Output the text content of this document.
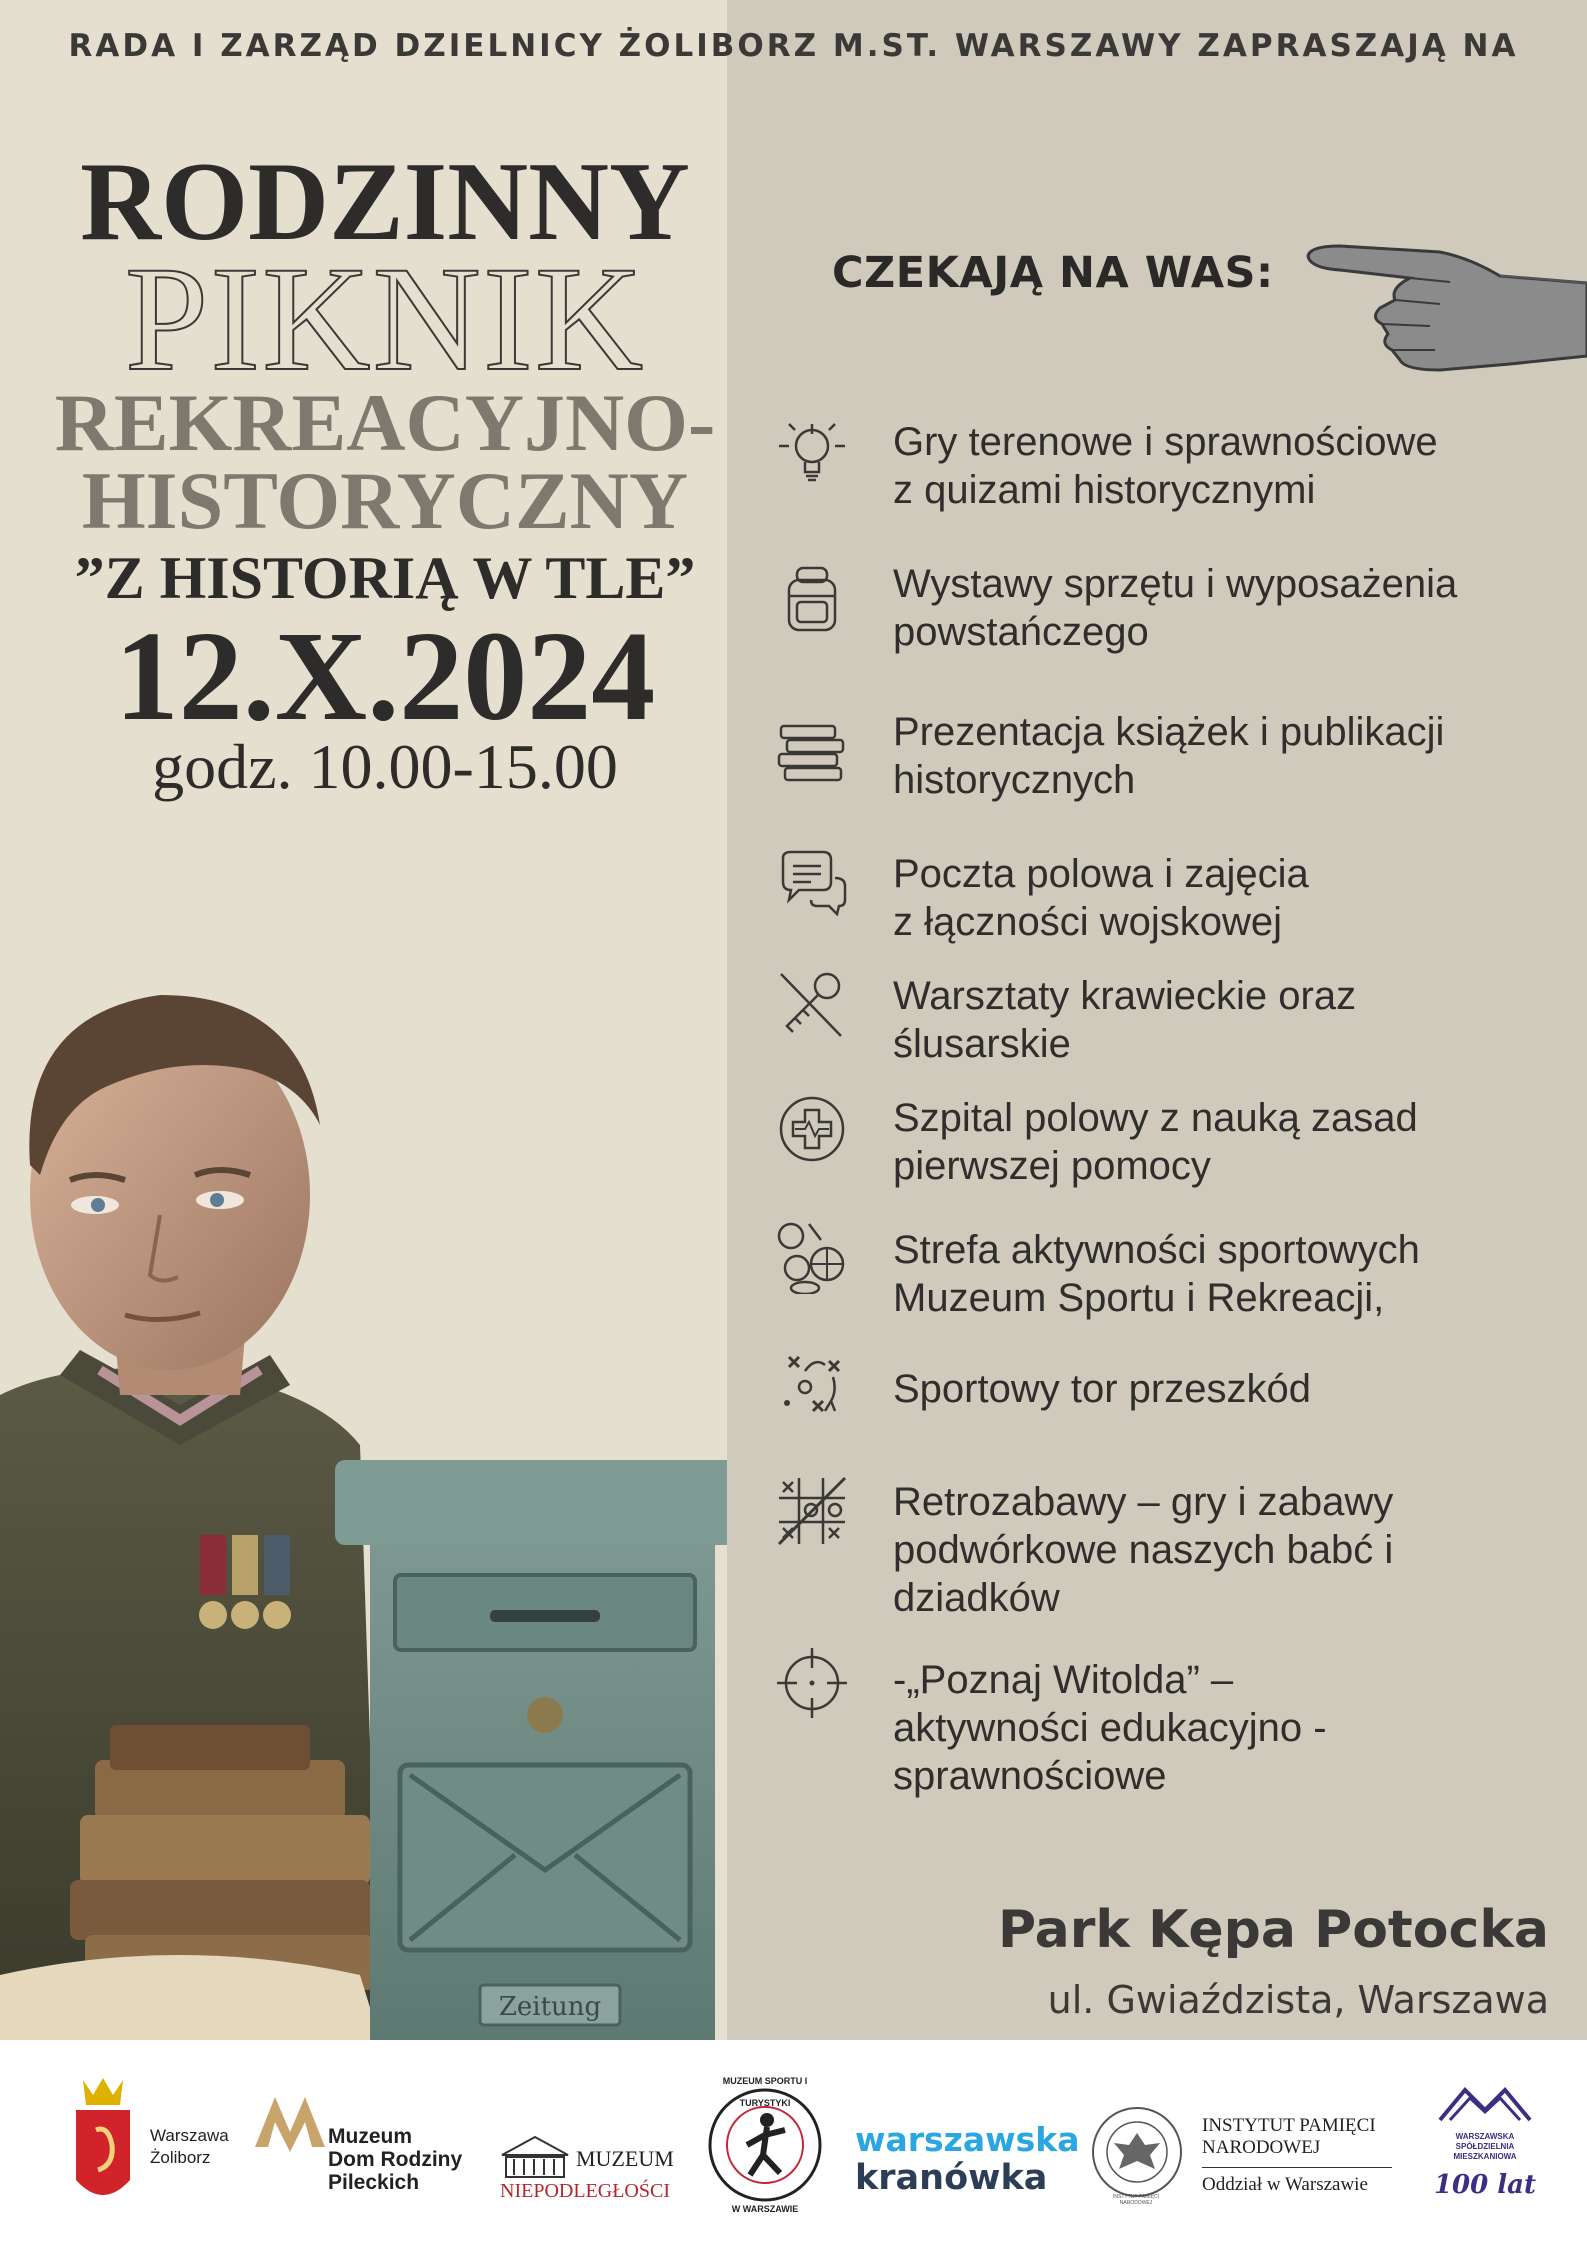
RADA I ZARZĄD DZIELNICY ŻOLIBORZ M.ST. WARSZAWY ZAPRASZAJĄ NA
RODZINNY
PIKNIK
REKREACYJNO-
HISTORYCZNY
”Z HISTORIĄ W TLE”
12.X.2024
godz. 10.00-15.00
CZEKAJĄ NA WAS:
Gry terenowe i sprawnościowe
z quizami historycznymi
Wystawy sprzętu i wyposażenia
powstańczego
Prezentacja książek i publikacji
historycznych
Poczta polowa i zajęcia
z łączności wojskowej
Warsztaty krawieckie oraz
ślusarskie
Szpital polowy z nauką zasad
pierwszej pomocy
Strefa aktywności sportowych
Muzeum Sportu i Rekreacji,
Sportowy tor przeszkód
Retrozabawy – gry i zabawy
podwórkowe naszych babć i
dziadków
-„Poznaj Witolda” –
aktywności edukacyjno -
sprawnościowe
Zeitung
Park Kępa Potocka
ul. Gwiaździsta, Warszawa
Warszawa
Żoliborz
Muzeum
Dom Rodziny
Pileckich
MUZEUM
NIEPODLEGŁOŚCI
MUZEUM SPORTU I TURYSTYKI
W WARSZAWIE
warszawska
kranówka	INSTYTUT PAMIĘCI NARODOWEJ
INSTYTUT PAMIĘCI
NARODOWEJ
Oddział w Warszawie
WARSZAWSKA
SPÓŁDZIELNIA
MIESZKANIOWA
100 lat
